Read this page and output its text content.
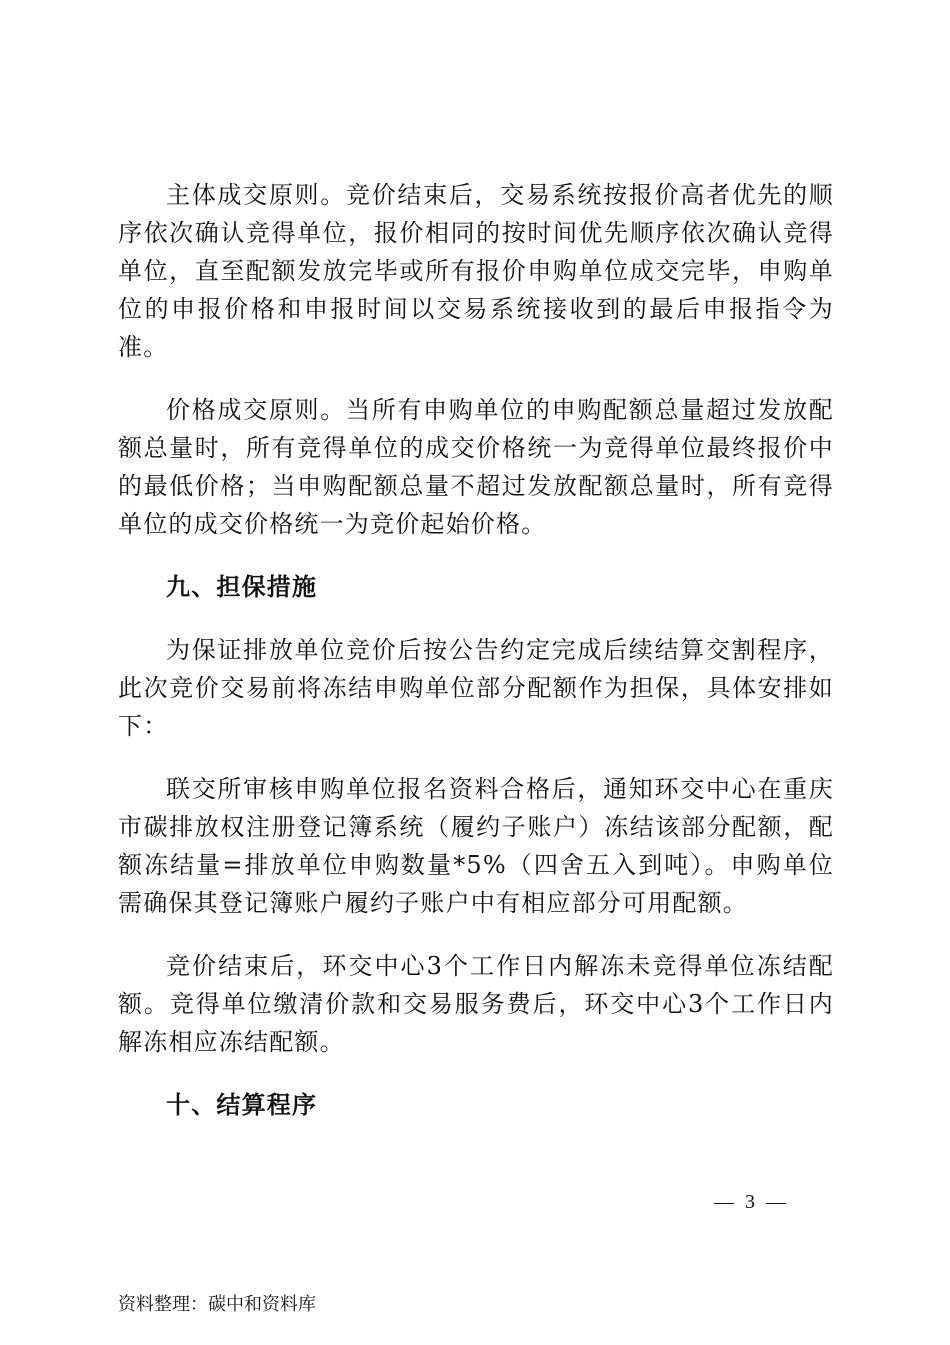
主体成交原则。竞价结束后，交易系统按报价高者优先的顺序依次确认竞得单位，报价相同的按时间优先顺序依次确认竞得单位，直至配额发放完毕或所有报价申购单位成交完毕，申购单位的申报价格和申报时间以交易系统接收到的最后申报指令为准。

价格成交原则。当所有申购单位的申购配额总量超过发放配额总量时，所有竞得单位的成交价格统一为竞得单位最终报价中的最低价格；当申购配额总量不超过发放配额总量时，所有竞得单位的成交价格统一为竞价起始价格。

九、担保措施

为保证排放单位竞价后按公告约定完成后续结算交割程序，此次竞价交易前将冻结申购单位部分配额作为担保，具体安排如下：

联交所审核申购单位报名资料合格后，通知环交中心在重庆市碳排放权注册登记簿系统（履约子账户）冻结该部分配额，配额冻结量=排放单位申购数量*5%（四舍五入到吨）。申购单位需确保其登记簿账户履约子账户中有相应部分可用配额。

竞价结束后，环交中心3个工作日内解冻未竞得单位冻结配额。竞得单位缴清价款和交易服务费后，环交中心3个工作日内解冻相应冻结配额。

十、结算程序

— 3 —
资料整理：碳中和资料库
